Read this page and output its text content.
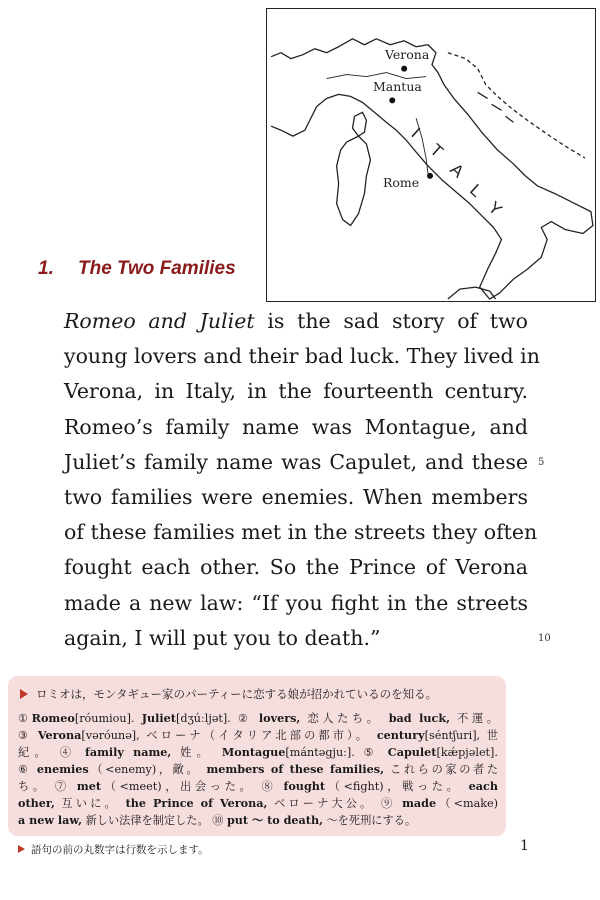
Verona
Mantua
Rome
I
T
A
L
Y
1. The Two Families
Romeo and Juliet is the sad story of two
young lovers and their bad luck. They lived in
Verona, in Italy, in the fourteenth century.
Romeo’s family name was Montague, and
Juliet’s family name was Capulet, and these
two families were enemies. When members
of these families met in the streets they often
fought each other. So the Prince of Verona
made a new law: “If you fight in the streets
again, I will put you to death.”
ロミオは，モンタギュー家のパーティーに恋する娘が招かれているのを知る。
①Romeo[róumiou]. Juliet[dʒúːljət]. ② lovers, 恋人たち。 bad luck, 不運。
③ Verona[vəróunə], ベローナ（イタリア北部の都市）。 century[séntʃuri], 世
紀。 ④ family name, 姓。 Montague[mántəgjuː]. ⑤ Capulet[kǽpjəlet].
⑥ enemies（<enemy)，敵。 members of these families, これらの家の者た
ち。 ⑦ met（<meet)，出会った。 ⑧ fought（<fight)，戦った。 each
other, 互いに。 the Prince of Verona, ベローナ大公。 ⑨ made（<make)
a new law, 新しい法律を制定した。 ⑩ put 〜 to death, 〜を死刑にする。
語句の前の丸数字は行数を示します。	1
5
10
